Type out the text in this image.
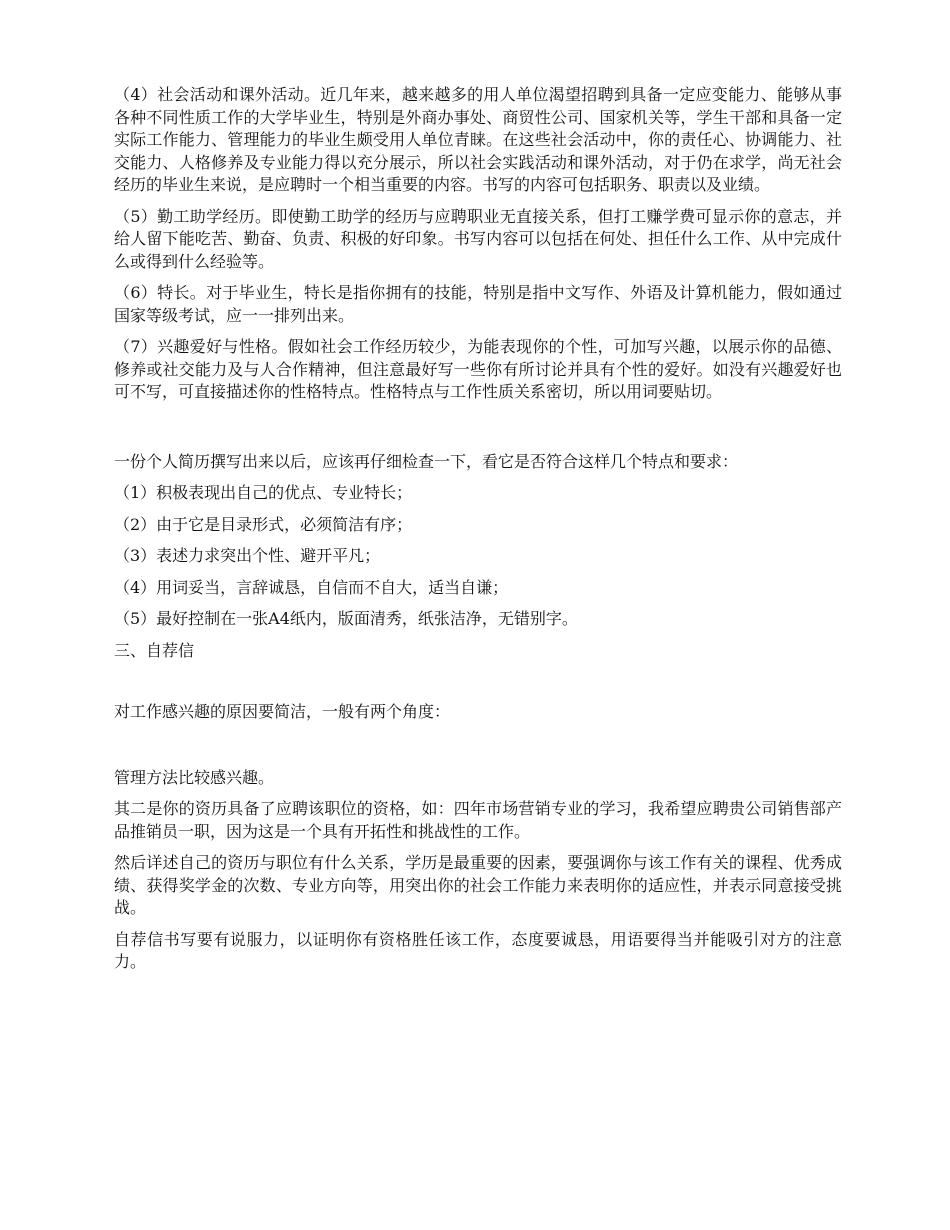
（4）社会活动和课外活动。近几年来，越来越多的用人单位渴望招聘到具备一定应变能力、能够从事各种不同性质工作的大学毕业生，特别是外商办事处、商贸性公司、国家机关等，学生干部和具备一定实际工作能力、管理能力的毕业生颇受用人单位青睐。在这些社会活动中，你的责任心、协调能力、社交能力、人格修养及专业能力得以充分展示，所以社会实践活动和课外活动，对于仍在求学，尚无社会经历的毕业生来说，是应聘时一个相当重要的内容。书写的内容可包括职务、职责以及业绩。

（5）勤工助学经历。即使勤工助学的经历与应聘职业无直接关系，但打工赚学费可显示你的意志，并给人留下能吃苦、勤奋、负责、积极的好印象。书写内容可以包括在何处、担任什么工作、从中完成什么或得到什么经验等。

（6）特长。对于毕业生，特长是指你拥有的技能，特别是指中文写作、外语及计算机能力，假如通过国家等级考试，应一一排列出来。

（7）兴趣爱好与性格。假如社会工作经历较少，为能表现你的个性，可加写兴趣，以展示你的品德、修养或社交能力及与人合作精神，但注意最好写一些你有所讨论并具有个性的爱好。如没有兴趣爱好也可不写，可直接描述你的性格特点。性格特点与工作性质关系密切，所以用词要贴切。

一份个人简历撰写出来以后，应该再仔细检查一下，看它是否符合这样几个特点和要求：

（1）积极表现出自己的优点、专业特长；

（2）由于它是目录形式，必须简洁有序；

（3）表述力求突出个性、避开平凡；

（4）用词妥当，言辞诚恳，自信而不自大，适当自谦；

（5）最好控制在一张A4纸内，版面清秀，纸张洁净，无错别字。

三、自荐信

对工作感兴趣的原因要简洁，一般有两个角度：

管理方法比较感兴趣。

其二是你的资历具备了应聘该职位的资格，如：四年市场营销专业的学习，我希望应聘贵公司销售部产品推销员一职，因为这是一个具有开拓性和挑战性的工作。

然后详述自己的资历与职位有什么关系，学历是最重要的因素，要强调你与该工作有关的课程、优秀成绩、获得奖学金的次数、专业方向等，用突出你的社会工作能力来表明你的适应性，并表示同意接受挑战。

自荐信书写要有说服力，以证明你有资格胜任该工作，态度要诚恳，用语要得当并能吸引对方的注意力。
